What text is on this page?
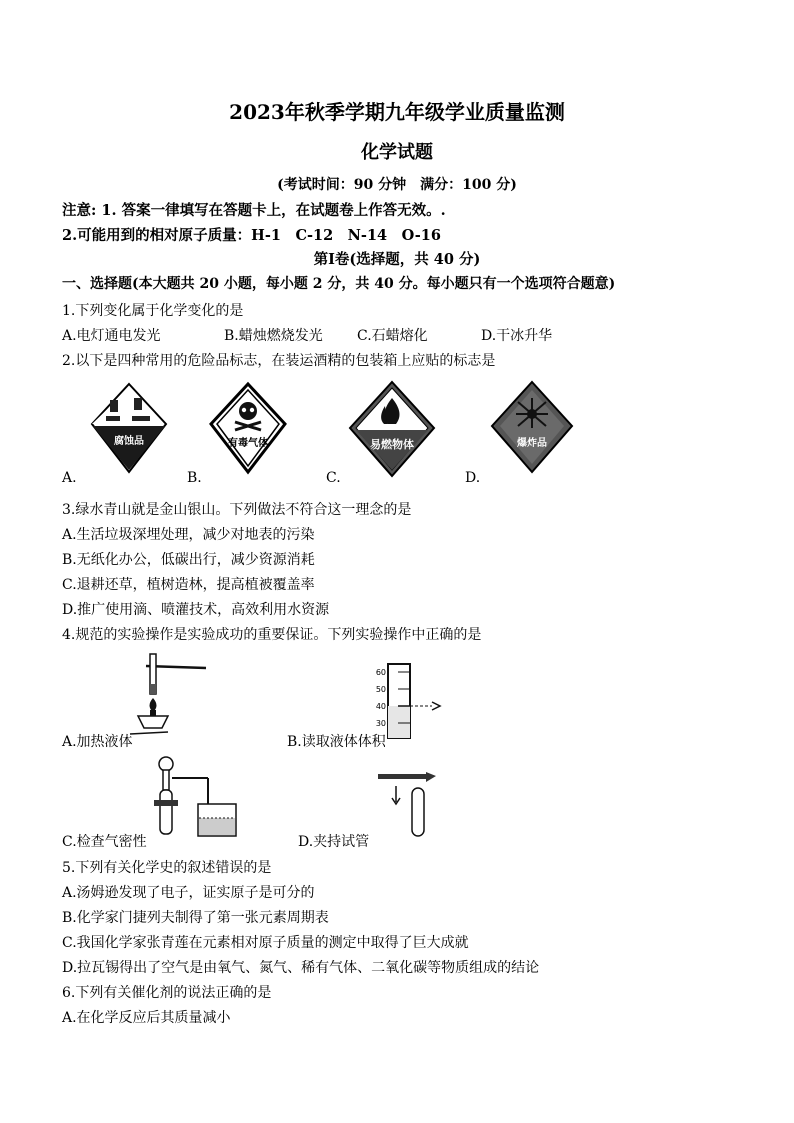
2023年秋季学期九年级学业质量监测
化学试题
(考试时间：90 分钟　满分：100 分)
注意: 1. 答案一律填写在答题卡上，在试题卷上作答无效。.
2.可能用到的相对原子质量：H-1　C-12　N-14　O-16
第Ⅰ卷(选择题，共 40 分)
一、选择题(本大题共 20 小题，每小题 2 分，共 40 分。每小题只有一个选项符合题意)
1.下列变化属于化学变化的是
A.电灯通电发光	B.蜡烛燃烧发光 C.石蜡熔化	D.干冰升华
2.以下是四种常用的危险品标志，在装运酒精的包装箱上应贴的标志是
腐蚀品	有毒气体	易燃物体	爆炸品
A.	B.	C.	D.
3.绿水青山就是金山银山。下列做法不符合这一理念的是
A.生活垃圾深埋处理，减少对地表的污染
B.无纸化办公，低碳出行，减少资源消耗
C.退耕还草，植树造林，提高植被覆盖率
D.推广使用滴、喷灌技术，高效利用水资源
4.规范的实验操作是实验成功的重要保证。下列实验操作中正确的是
60
50
40
30
A.加热液体	B.读取液体体积
C.检查气密性	D.夹持试管
5.下列有关化学史的叙述错误的是
A.汤姆逊发现了电子，证实原子是可分的
B.化学家门捷列夫制得了第一张元素周期表
C.我国化学家张青莲在元素相对原子质量的测定中取得了巨大成就
D.拉瓦锡得出了空气是由氧气、氮气、稀有气体、二氧化碳等物质组成的结论
6.下列有关催化剂的说法正确的是
A.在化学反应后其质量减小
